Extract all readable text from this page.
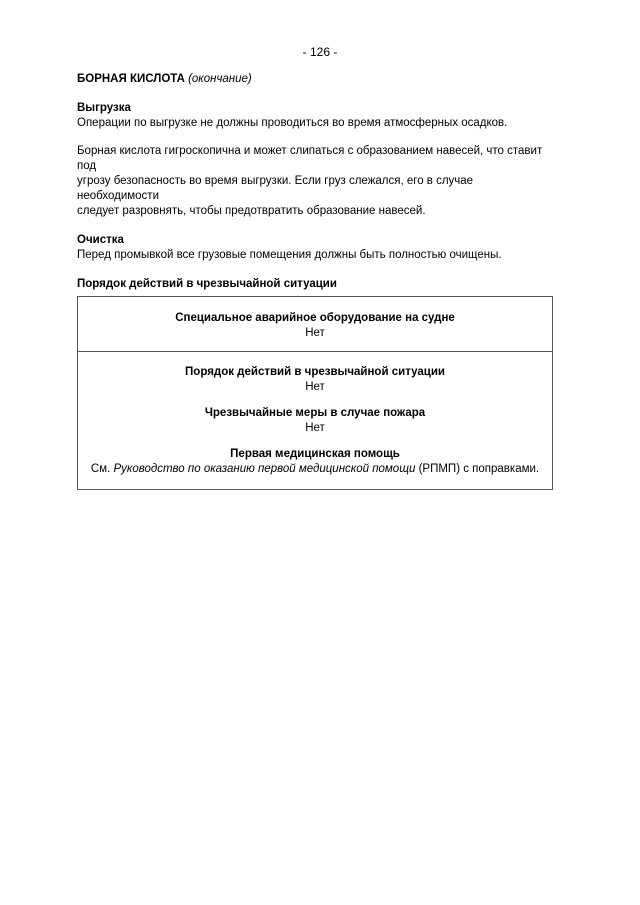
- 126 -

БОРНАЯ КИСЛОТА (окончание)

Выгрузка

Операции по выгрузке не должны проводиться во время атмосферных осадков.

Борная кислота гигроскопична и может слипаться с образованием навесей, что ставит под
угрозу безопасность во время выгрузки. Если груз слежался, его в случае необходимости
следует разровнять, чтобы предотвратить образование навесей.

Очистка

Перед промывкой все грузовые помещения должны быть полностью очищены.

Порядок действий в чрезвычайной ситуации

Специальное аварийное оборудование на судне
Нет
Порядок действий в чрезвычайной ситуации
Нет
Чрезвычайные меры в случае пожара
Нет
Первая медицинская помощь
См. Руководство по оказанию первой медицинской помощи (РПМП) с поправками.
